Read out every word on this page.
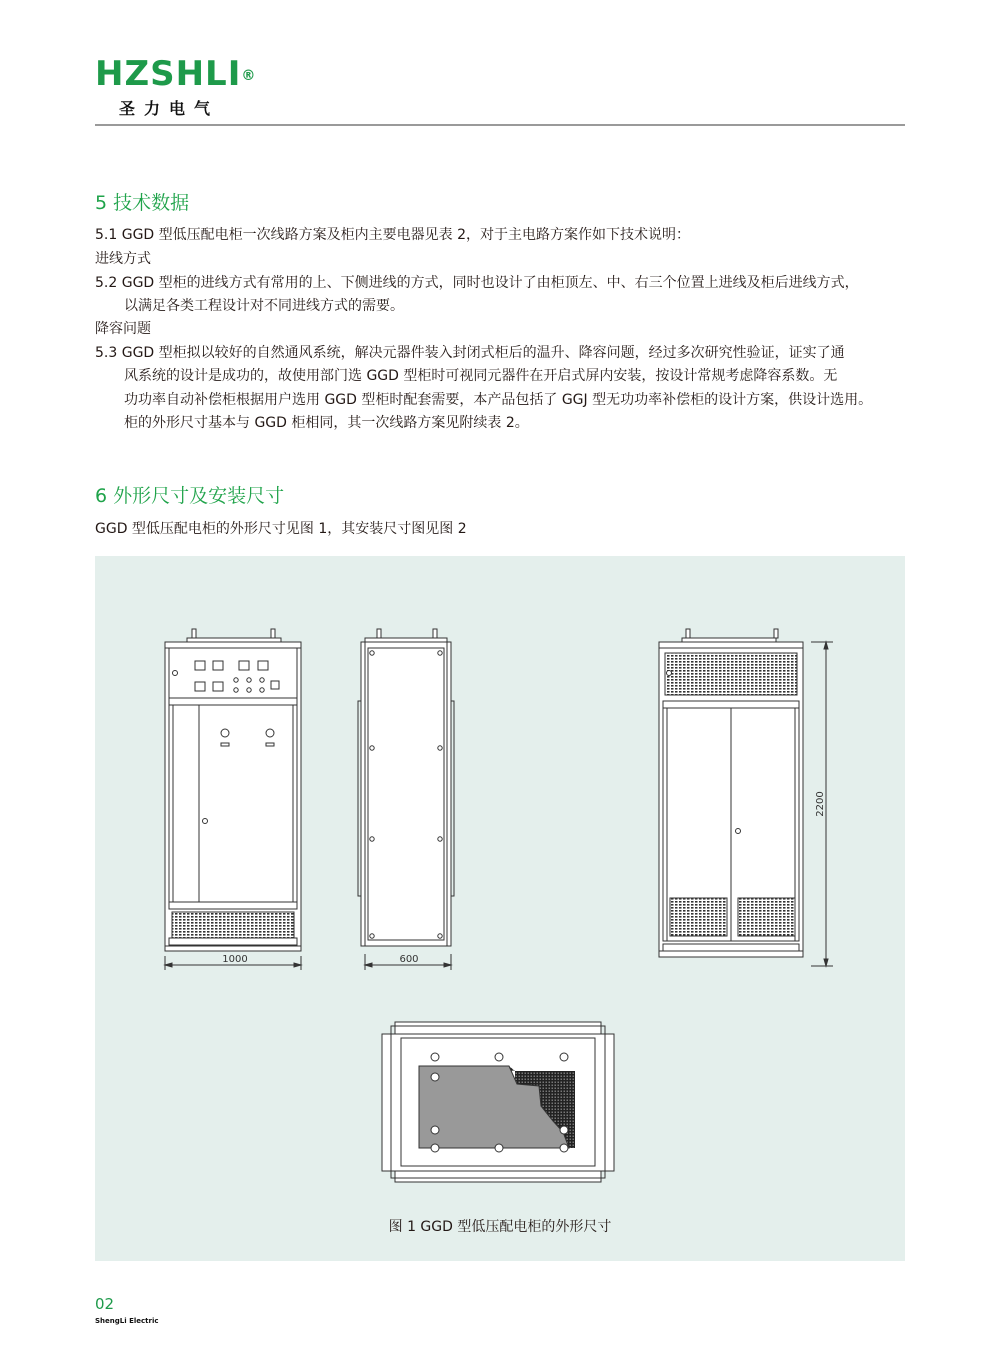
HZSHLI®
圣力电气
5 技术数据
5.1 GGD 型低压配电柜一次线路方案及柜内主要电器见表 2，对于主电路方案作如下技术说明：
进线方式
5.2 GGD 型柜的进线方式有常用的上、下侧进线的方式，同时也设计了由柜顶左、中、右三个位置上进线及柜后进线方式，
以满足各类工程设计对不同进线方式的需要。
降容问题
5.3 GGD 型柜拟以较好的自然通风系统，解决元器件装入封闭式柜后的温升、降容问题，经过多次研究性验证，证实了通
风系统的设计是成功的，故使用部门选 GGD 型柜时可视同元器件在开启式屏内安装，按设计常规考虑降容系数。无
功功率自动补偿柜根据用户选用 GGD 型柜时配套需要，本产品包括了 GGJ 型无功功率补偿柜的设计方案，供设计选用。
柜的外形尺寸基本与 GGD 柜相同，其一次线路方案见附续表 2。
6 外形尺寸及安装尺寸
GGD 型低压配电柜的外形尺寸见图 1，其安装尺寸图见图 2
1000	600
2200
图 1 GGD 型低压配电柜的外形尺寸
02
ShengLi Electric
